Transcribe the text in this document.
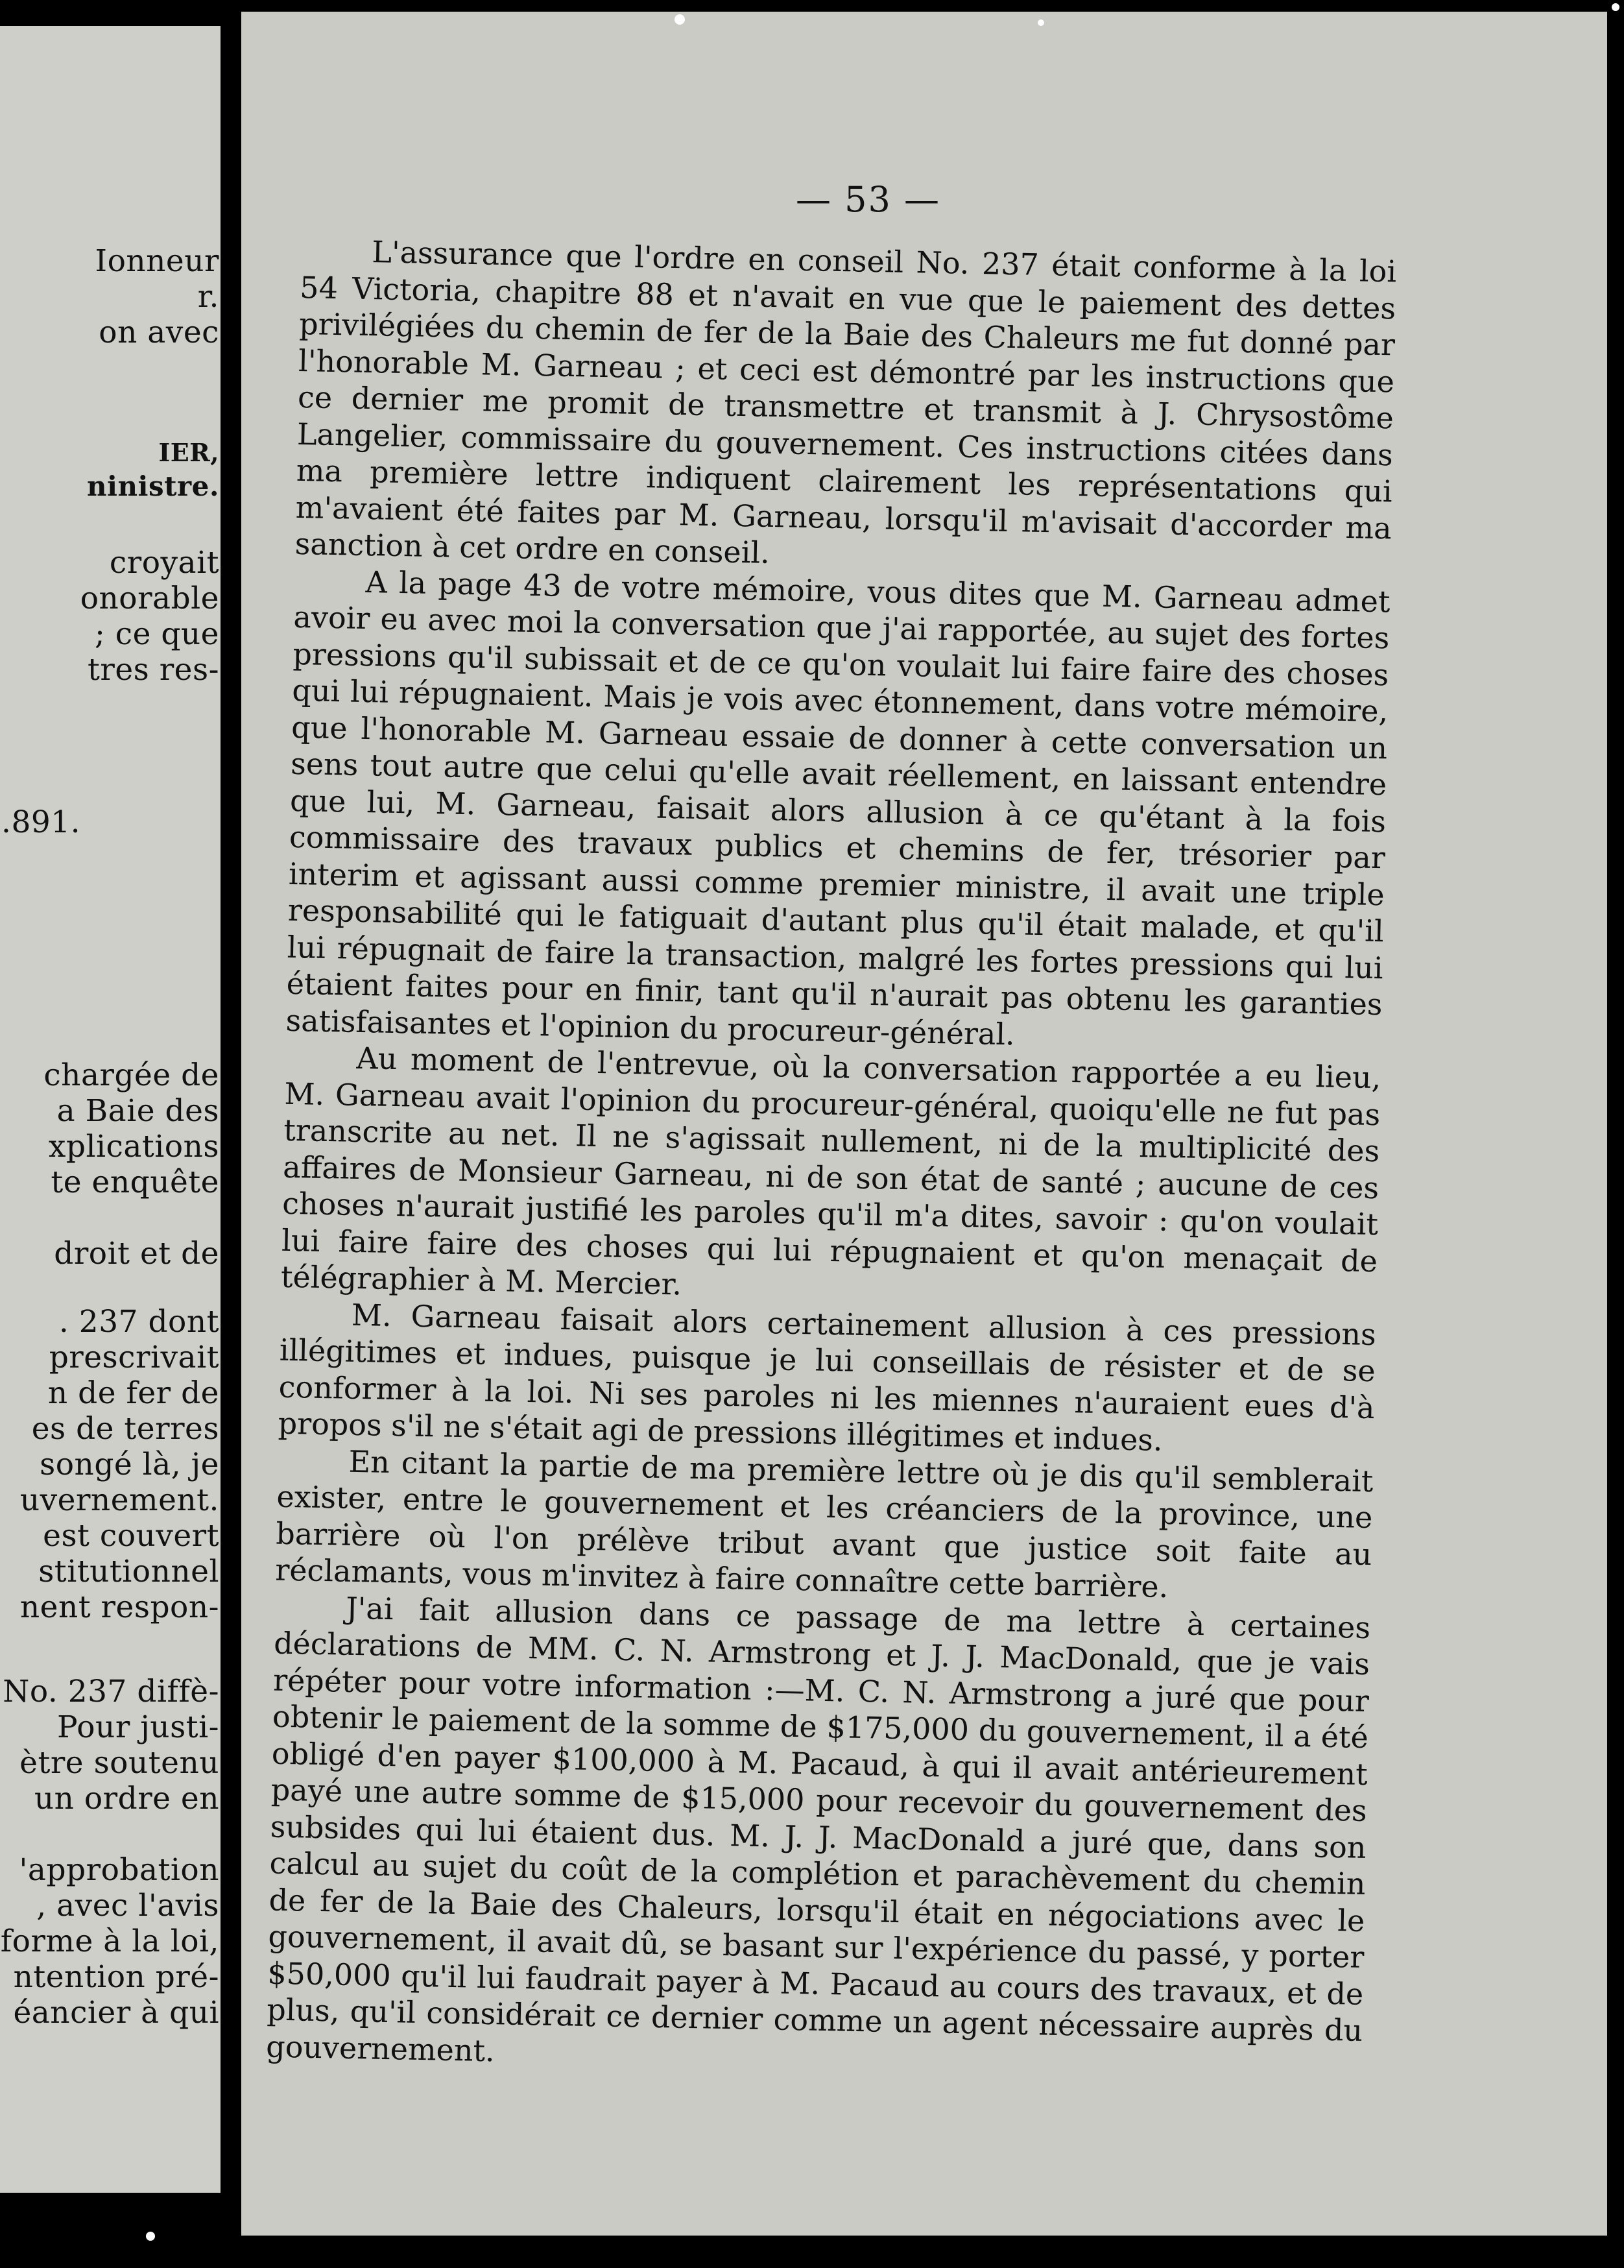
Ionneur
r.
on avec
IER,
ninistre.
croyait
onorable
; ce que
tres res-
.891.
chargée de
a Baie des
xplications
te enquête
droit et de
. 237 dont
prescrivait
n de fer de
es de terres
songé là, je
uvernement.
est couvert
stitutionnel
nent respon-
No. 237 diffè-
Pour justi-
ètre soutenu
un ordre en
'approbation
, avec l'avis
forme à la loi,
ntention pré-
éancier à qui
— 53 —

L'assurance que l'ordre en conseil No. 237 était conforme à la loi 54 Victoria, chapitre 88 et n'avait en vue que le paiement des dettes privilégiées du chemin de fer de la Baie des Chaleurs me fut donné par l'honorable M. Garneau ; et ceci est démontré par les instructions que ce dernier me promit de transmettre et transmit à J. Chrysostôme Langelier, commissaire du gouvernement. Ces instructions citées dans ma première lettre indiquent clairement les représentations qui m'avaient été faites par M. Garneau, lorsqu'il m'avisait d'accorder ma sanction à cet ordre en conseil.

A la page 43 de votre mémoire, vous dites que M. Garneau admet avoir eu avec moi la conversation que j'ai rapportée, au sujet des fortes pressions qu'il subissait et de ce qu'on voulait lui faire faire des choses qui lui répugnaient. Mais je vois avec étonnement, dans votre mémoire, que l'honorable M. Garneau essaie de donner à cette conversation un sens tout autre que celui qu'elle avait réellement, en laissant entendre que lui, M. Garneau, faisait alors allusion à ce qu'étant à la fois commissaire des travaux publics et chemins de fer, trésorier par interim et agissant aussi comme premier ministre, il avait une triple responsabilité qui le fatiguait d'autant plus qu'il était malade, et qu'il lui répugnait de faire la transaction, malgré les fortes pressions qui lui étaient faites pour en finir, tant qu'il n'aurait pas obtenu les garanties satisfaisantes et l'opinion du procureur-général.

Au moment de l'entrevue, où la conversation rapportée a eu lieu, M. Garneau avait l'opinion du procureur-général, quoiqu'elle ne fut pas transcrite au net. Il ne s'agissait nullement, ni de la multiplicité des affaires de Monsieur Garneau, ni de son état de santé ; aucune de ces choses n'aurait justifié les paroles qu'il m'a dites, savoir : qu'on voulait lui faire faire des choses qui lui répugnaient et qu'on menaçait de télégraphier à M. Mercier.

M. Garneau faisait alors certainement allusion à ces pressions illégitimes et indues, puisque je lui conseillais de résister et de se conformer à la loi. Ni ses paroles ni les miennes n'auraient eues d'à propos s'il ne s'était agi de pressions illégitimes et indues.

En citant la partie de ma première lettre où je dis qu'il semblerait exister, entre le gouvernement et les créanciers de la province, une barrière où l'on prélève tribut avant que justice soit faite au réclamants, vous m'invitez à faire connaître cette barrière.

J'ai fait allusion dans ce passage de ma lettre à certaines déclarations de MM. C. N. Armstrong et J. J. MacDonald, que je vais répéter pour votre information :—M. C. N. Armstrong a juré que pour obtenir le paiement de la somme de $175,000 du gouvernement, il a été obligé d'en payer $100,000 à M. Pacaud, à qui il avait antérieurement payé une autre somme de $15,000 pour recevoir du gouvernement des subsides qui lui étaient dus. M. J. J. MacDonald a juré que, dans son calcul au sujet du coût de la complétion et parachèvement du chemin de fer de la Baie des Chaleurs, lorsqu'il était en négociations avec le gouvernement, il avait dû, se basant sur l'expérience du passé, y porter $50,000 qu'il lui faudrait payer à M. Pacaud au cours des travaux, et de plus, qu'il considérait ce dernier comme un agent nécessaire auprès du gouvernement.
